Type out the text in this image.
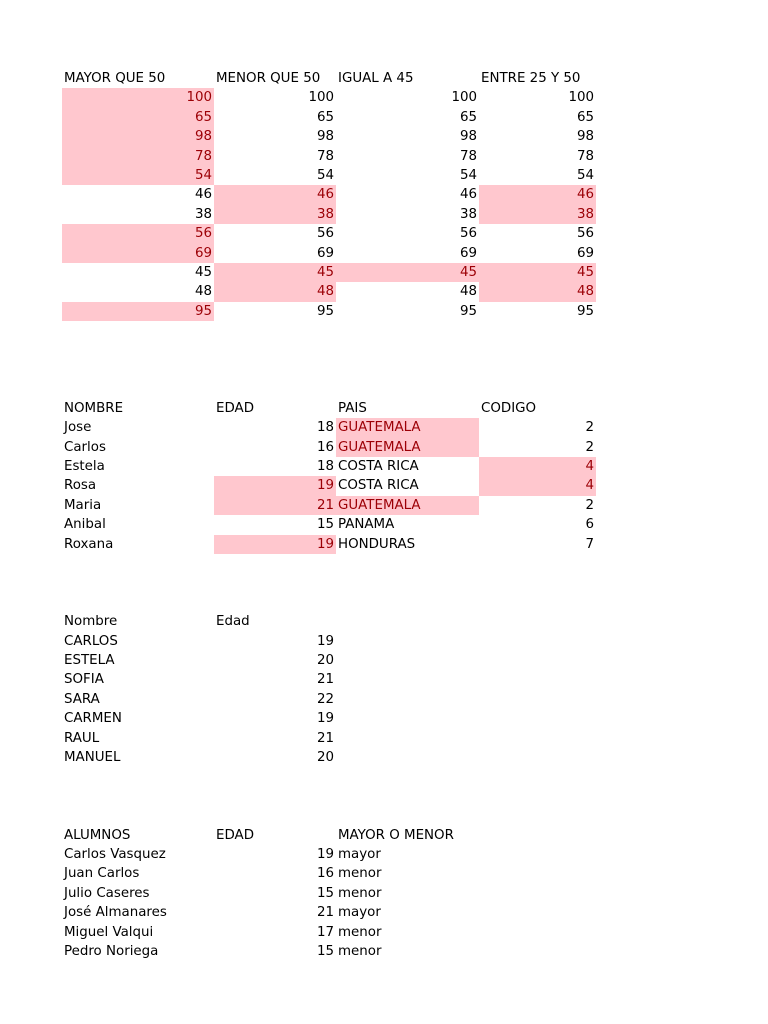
MAYOR QUE 50	MENOR QUE 50	IGUAL A 45	ENTRE 25 Y 50
100	100	100	100
65	65	65	65
98	98	98	98
78	78	78	78
54	54	54	54
46	46	46	46
38	38	38	38
56	56	56	56
69	69	69	69
45	45	45	45
48	48	48	48
95	95	95	95
NOMBRE	EDAD	PAIS	CODIGO
Jose	18 GUATEMALA	2
Carlos	16 GUATEMALA	2
Estela	18 COSTA RICA	4
Rosa	19 COSTA RICA	4
Maria	21 GUATEMALA	2
Anibal	15 PANAMA	6
Roxana	19 HONDURAS	7
Nombre	Edad
CARLOS	19
ESTELA	20
SOFIA	21
SARA	22
CARMEN	19
RAUL	21
MANUEL	20
ALUMNOS	EDAD	MAYOR O MENOR
Carlos Vasquez	19 mayor
Juan Carlos	16 menor
Julio Caseres	15 menor
José Almanares	21 mayor
Miguel Valqui	17 menor
Pedro Noriega	15 menor
